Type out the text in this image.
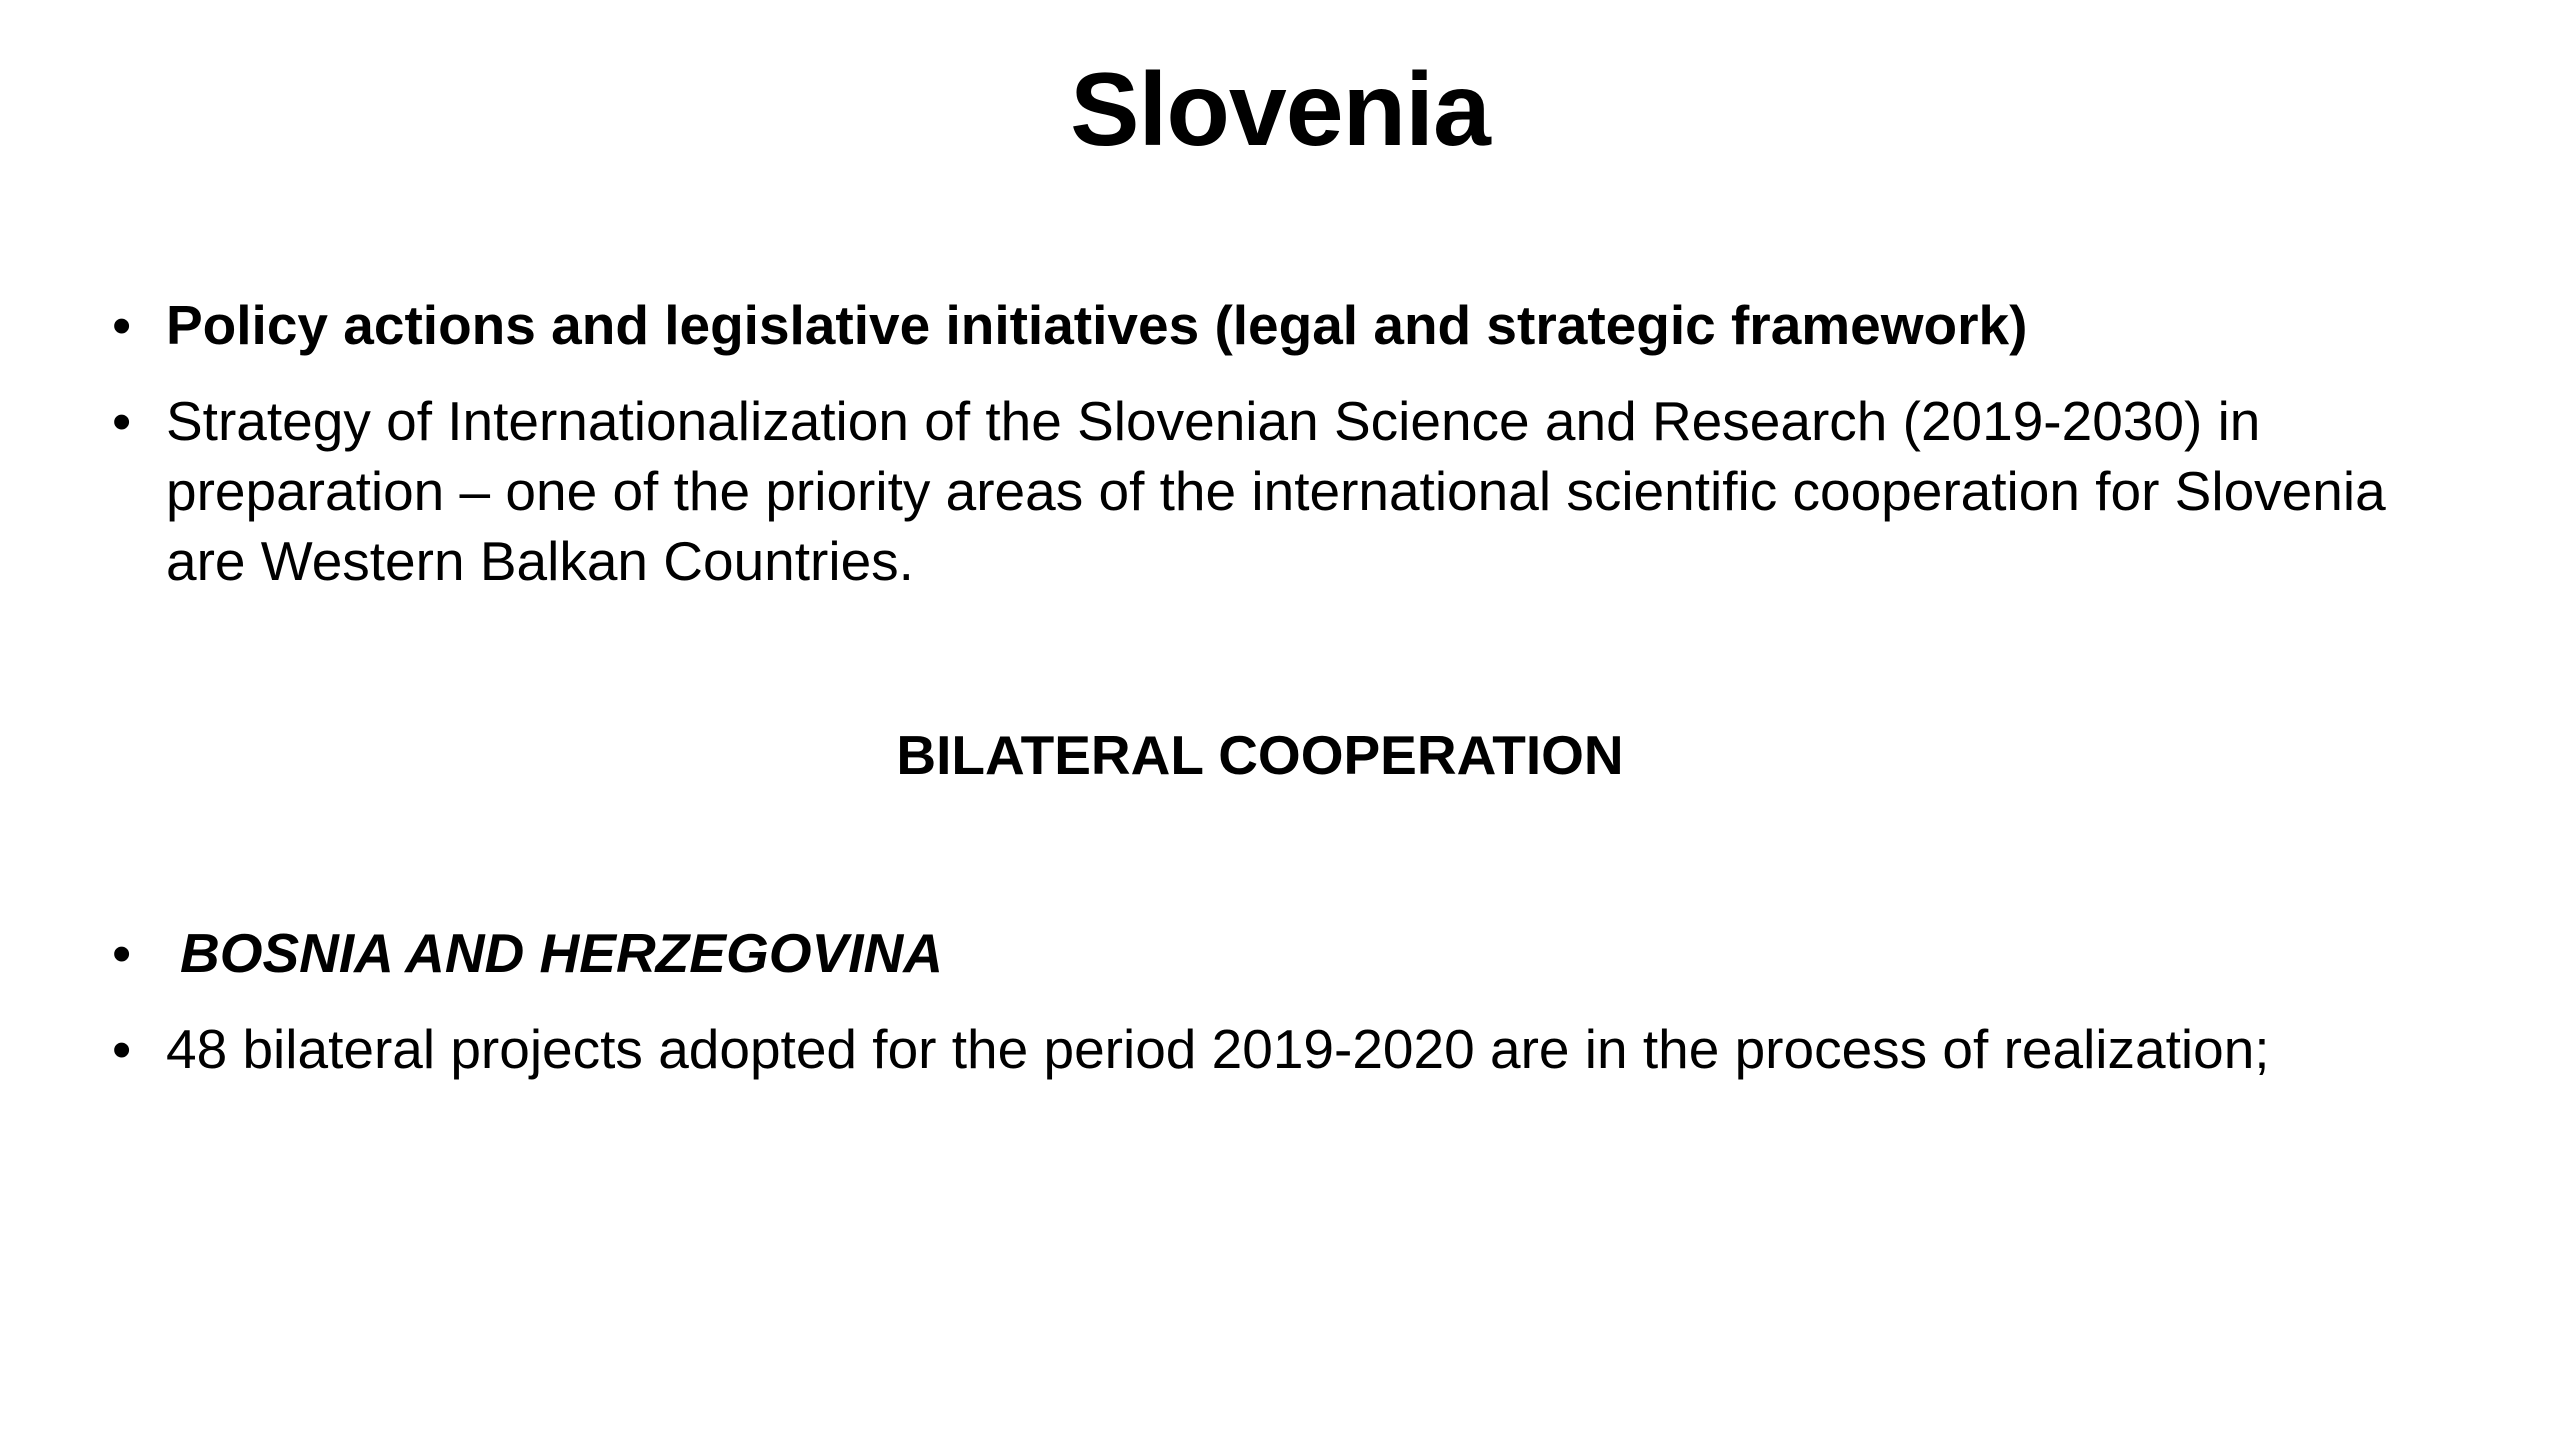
Slovenia
• Policy actions and legislative initiatives (legal and strategic framework)
• Strategy of Internationalization of the Slovenian Science and Research (2019-2030) in preparation – one of the priority areas of the international scientific cooperation for Slovenia are Western Balkan Countries.
BILATERAL COOPERATION
• BOSNIA AND HERZEGOVINA
• 48 bilateral projects adopted for the period 2019-2020 are in the process of realization;
